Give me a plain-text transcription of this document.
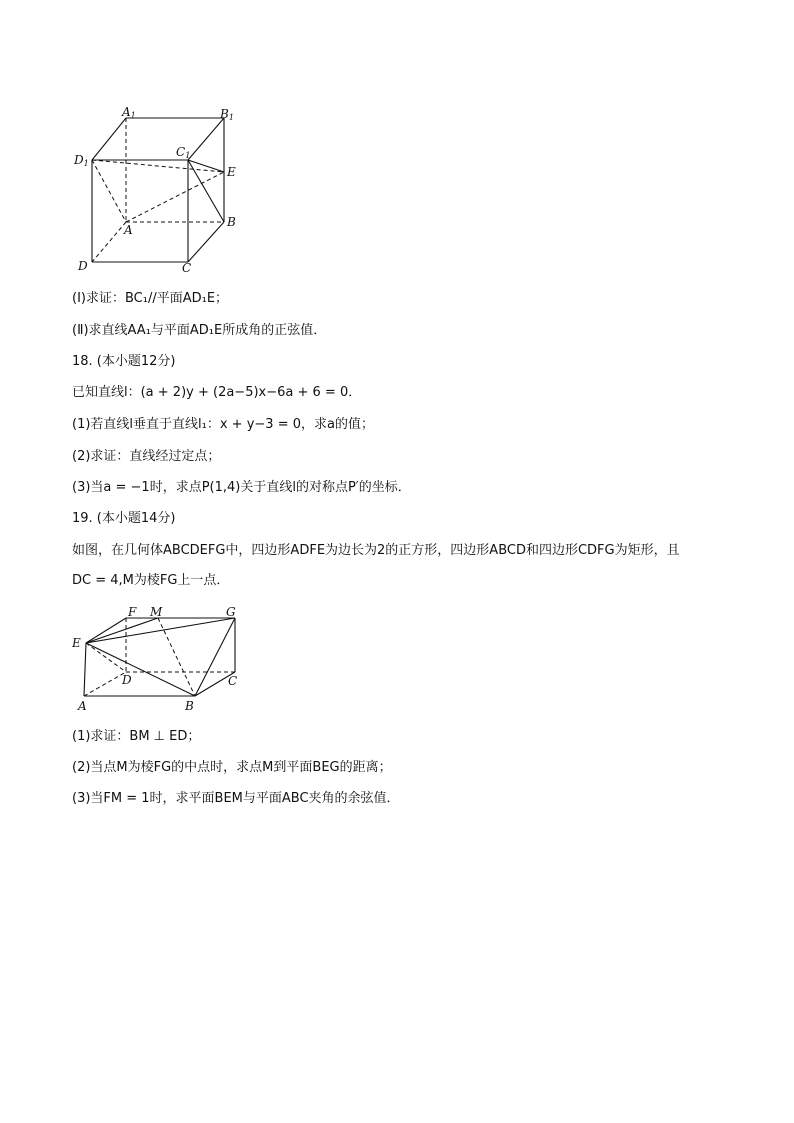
A1	B1
C1
D1
E
A
B
C
D
(Ⅰ)求证：BC₁//平面AD₁E；
(Ⅱ)求直线AA₁与平面AD₁E所成角的正弦值．
18. (本小题12分)
已知直线l：(a + 2)y + (2a−5)x−6a + 6 = 0．
(1)若直线l垂直于直线l₁：x + y−3 = 0，求a的值；
(2)求证：直线经过定点；
(3)当a = −1时，求点P(1,4)关于直线l的对称点P′的坐标．
19. (本小题14分)
如图，在几何体ABCDEFG中，四边形ADFE为边长为2的正方形，四边形ABCD和四边形CDFG为矩形，且
DC = 4,M为棱FG上一点．
F M	G
E
D	C
A	B
(1)求证：BM ⊥ ED；
(2)当点M为棱FG的中点时，求点M到平面BEG的距离；
(3)当FM = 1时，求平面BEM与平面ABC夹角的余弦值．
